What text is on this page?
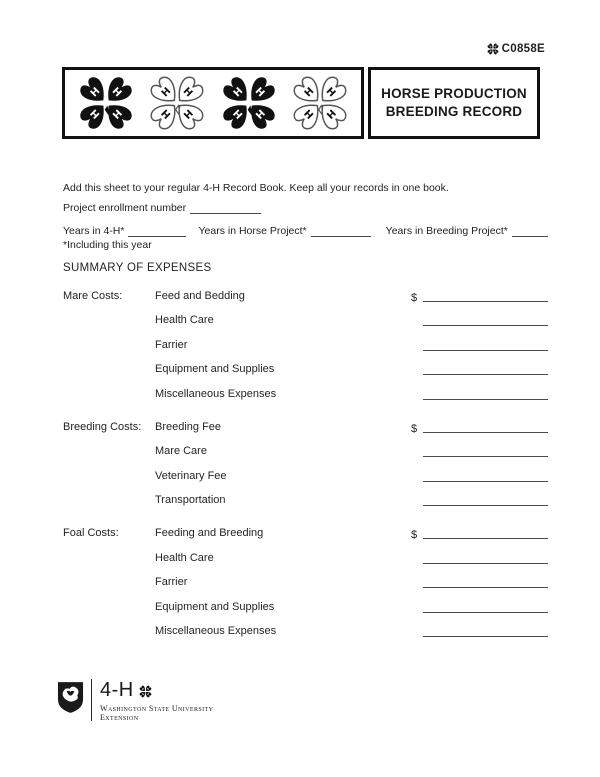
C0858E
HORSE PRODUCTION
BREEDING RECORD

Add this sheet to your regular 4-H Record Book. Keep all your records in one book.

Project enrollment number
Years in 4-H*	Years in Horse Project*	Years in Breeding Project*
*Including this year
SUMMARY OF EXPENSES
Mare Costs:	Feed and Bedding	$
Health Care
Farrier
Equipment and Supplies
Miscellaneous Expenses
Breeding Costs: Breeding Fee	$
Mare Care
Veterinary Fee
Transportation
Foal Costs:	Feeding and Breeding	$
Health Care
Farrier
Equipment and Supplies
Miscellaneous Expenses
4-H
Washington State University
Extension
